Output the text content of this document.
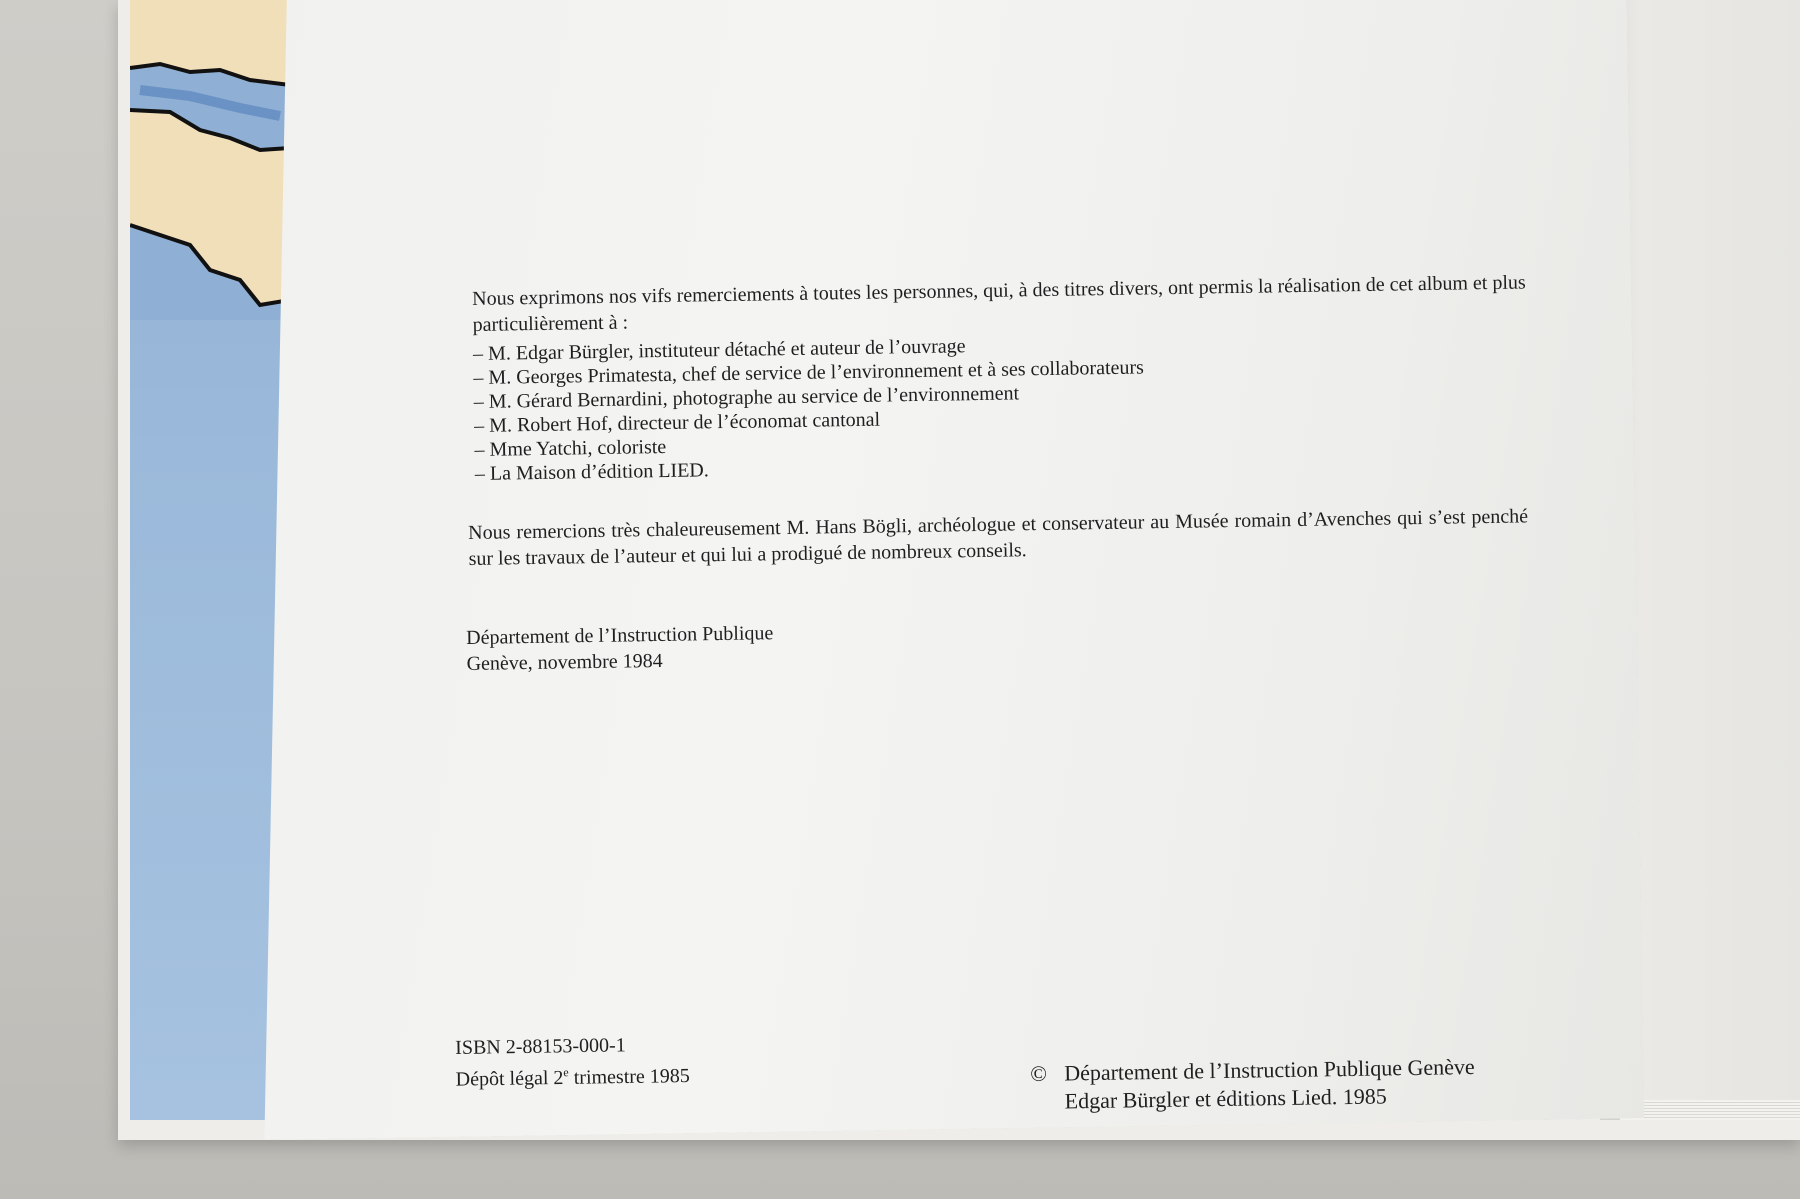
Nous exprimons nos vifs remerciements à toutes les personnes, qui, à des titres divers, ont permis la réalisation de cet album et plus particulièrement à :

– M. Edgar Bürgler, instituteur détaché et auteur de l’ouvrage
– M. Georges Primatesta, chef de service de l’environnement et à ses collaborateurs
– M. Gérard Bernardini, photographe au service de l’environnement
– M. Robert Hof, directeur de l’économat cantonal
– Mme Yatchi, coloriste
– La Maison d’édition LIED.

Nous remercions très chaleureusement M. Hans Bögli, archéologue et conservateur au Musée romain d’Avenches qui s’est penché sur les travaux de l’auteur et qui lui a prodigué de nombreux conseils.

Département de l’Instruction Publique
Genève, novembre 1984
ISBN 2-88153-000-1
Dépôt légal 2e trimestre 1985	© Département de l’Instruction Publique Genève
Edgar Bürgler et éditions Lied. 1985
